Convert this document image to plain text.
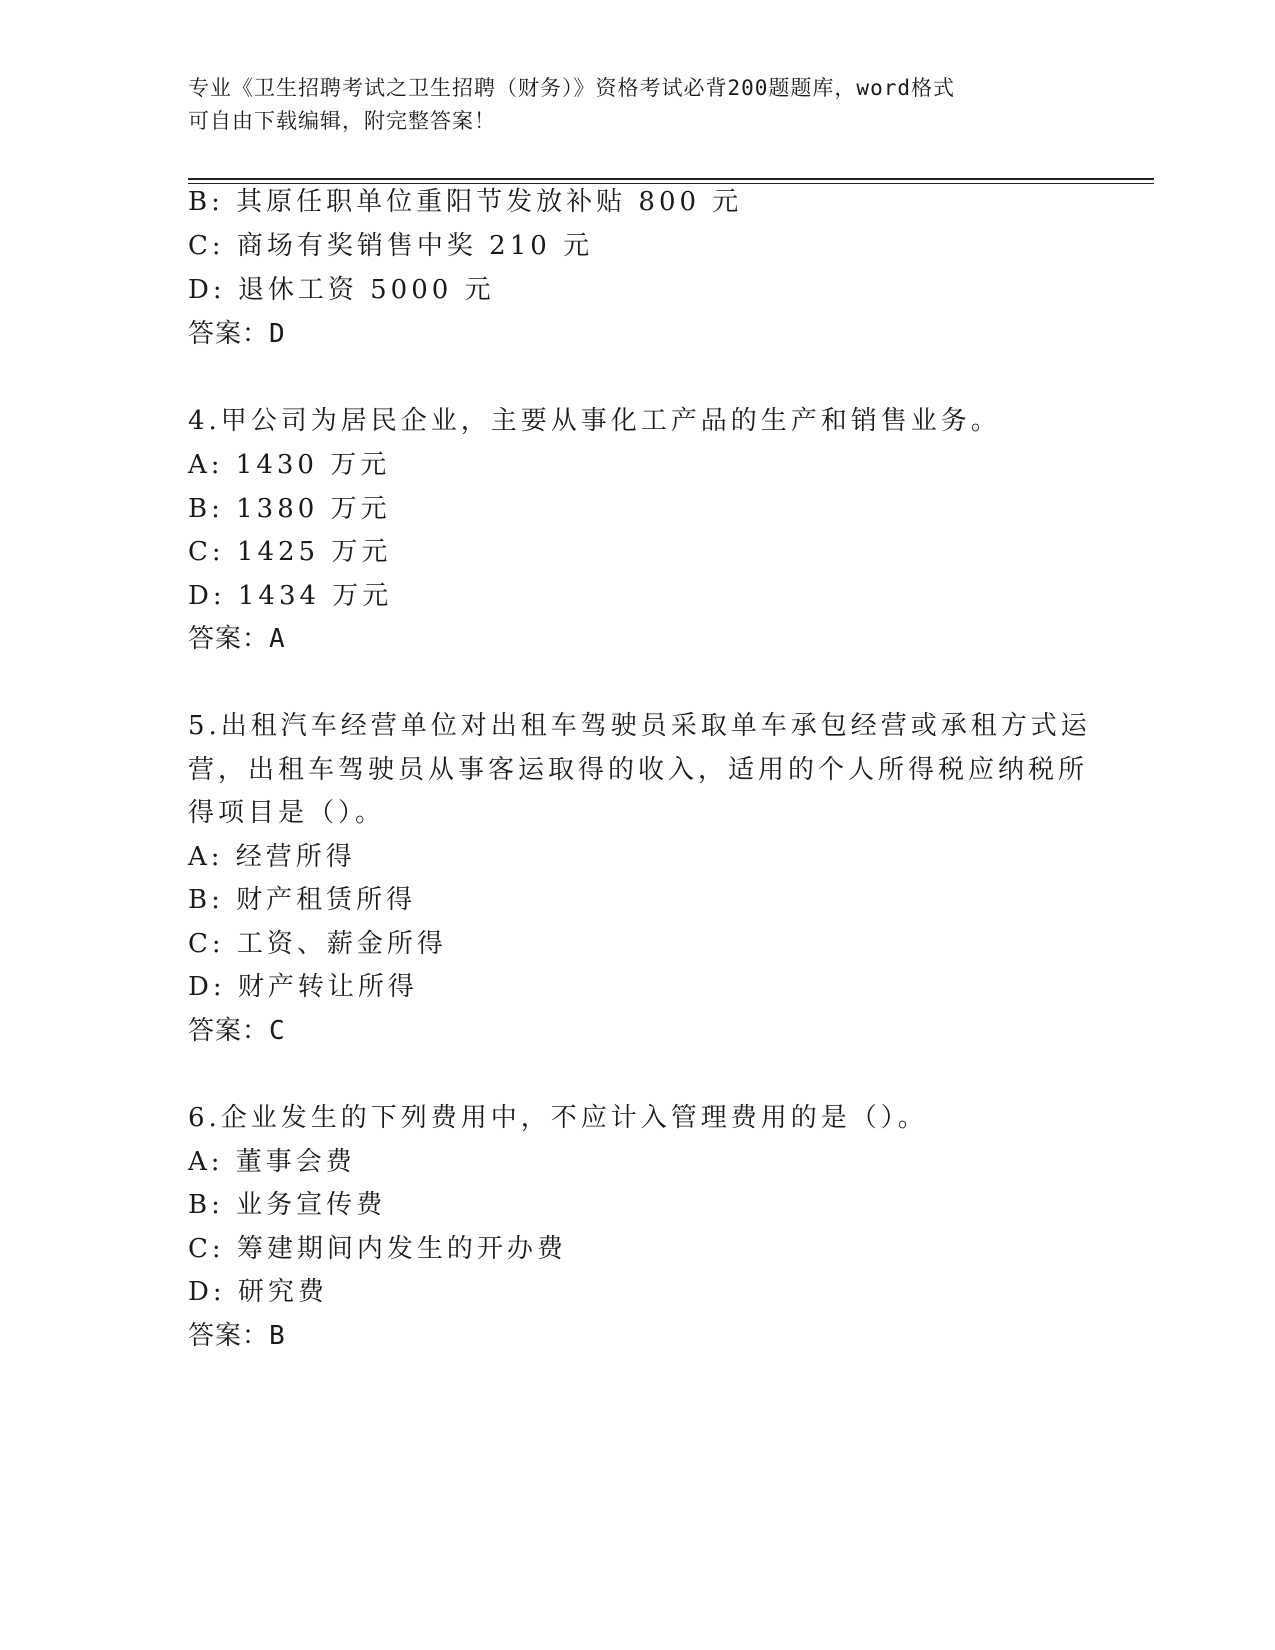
专业《卫生招聘考试之卫生招聘（财务）》资格考试必背200题题库，word格式
可自由下载编辑，附完整答案！
B: 其原任职单位重阳节发放补贴 800 元
C: 商场有奖销售中奖 210 元
D: 退休工资 5000 元
答案：D
4.甲公司为居民企业，主要从事化工产品的生产和销售业务。
A: 1430 万元
B: 1380 万元
C: 1425 万元
D: 1434 万元
答案：A
5.出租汽车经营单位对出租车驾驶员采取单车承包经营或承租方式运
营，出租车驾驶员从事客运取得的收入，适用的个人所得税应纳税所
得项目是（）。
A: 经营所得
B: 财产租赁所得
C: 工资、薪金所得
D: 财产转让所得
答案：C
6.企业发生的下列费用中，不应计入管理费用的是（）。
A: 董事会费
B: 业务宣传费
C: 筹建期间内发生的开办费
D: 研究费
答案：B
